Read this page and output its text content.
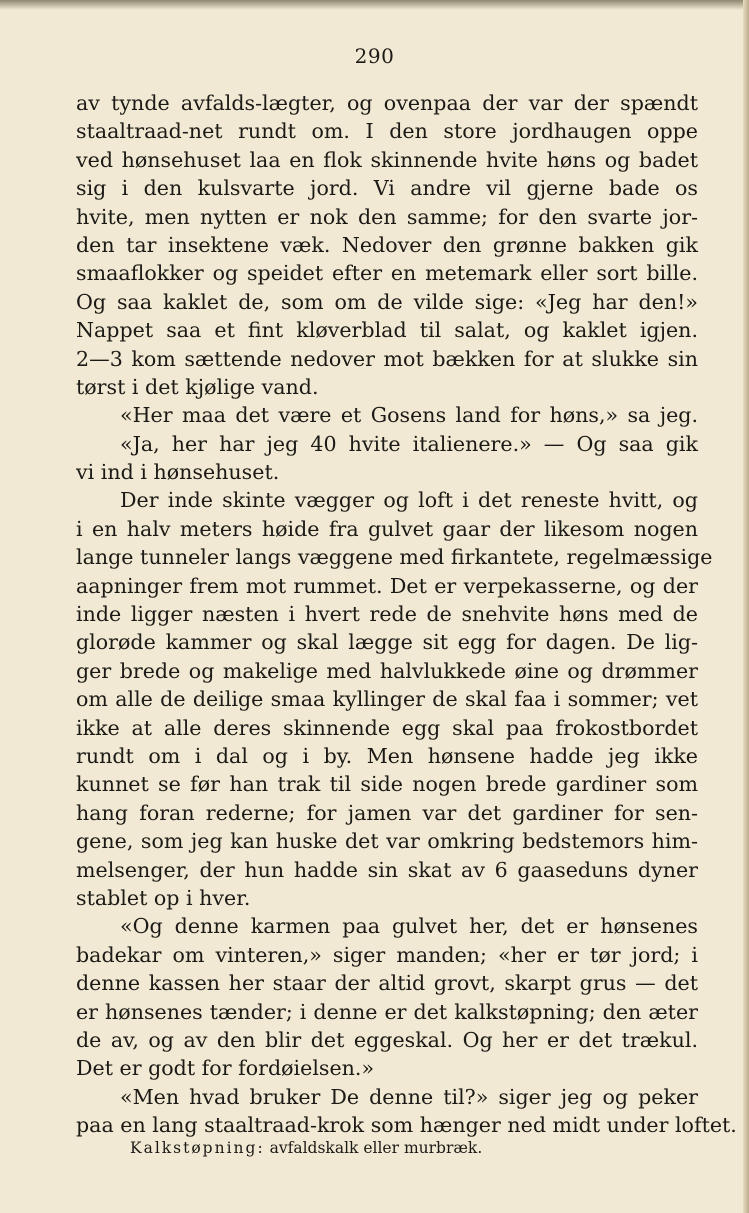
290
av tynde avfalds-lægter, og ovenpaa der var der spændt
staaltraad-net rundt om. I den store jordhaugen oppe
ved hønsehuset laa en flok skinnende hvite høns og badet
sig i den kulsvarte jord. Vi andre vil gjerne bade os
hvite, men nytten er nok den samme; for den svarte jor-
den tar insektene væk. Nedover den grønne bakken gik
smaaflokker og speidet efter en metemark eller sort bille.
Og saa kaklet de, som om de vilde sige: «Jeg har den!»
Nappet saa et fint kløverblad til salat, og kaklet igjen.
2—3 kom sættende nedover mot bækken for at slukke sin
tørst i det kjølige vand.
«Her maa det være et Gosens land for høns,» sa jeg.
«Ja, her har jeg 40 hvite italienere.» — Og saa gik
vi ind i hønsehuset.
Der inde skinte vægger og loft i det reneste hvitt, og
i en halv meters høide fra gulvet gaar der likesom nogen
lange tunneler langs væggene med firkantete, regelmæssige
aapninger frem mot rummet. Det er verpekasserne, og der
inde ligger næsten i hvert rede de snehvite høns med de
glorøde kammer og skal lægge sit egg for dagen. De lig-
ger brede og makelige med halvlukkede øine og drømmer
om alle de deilige smaa kyllinger de skal faa i sommer; vet
ikke at alle deres skinnende egg skal paa frokostbordet
rundt om i dal og i by. Men hønsene hadde jeg ikke
kunnet se før han trak til side nogen brede gardiner som
hang foran rederne; for jamen var det gardiner for sen-
gene, som jeg kan huske det var omkring bedstemors him-
melsenger, der hun hadde sin skat av 6 gaaseduns dyner
stablet op i hver.
«Og denne karmen paa gulvet her, det er hønsenes
badekar om vinteren,» siger manden; «her er tør jord; i
denne kassen her staar der altid grovt, skarpt grus — det
er hønsenes tænder; i denne er det kalkstøpning; den æter
de av, og av den blir det eggeskal. Og her er det trækul.
Det er godt for fordøielsen.»
«Men hvad bruker De denne til?» siger jeg og peker
paa en lang staaltraad-krok som hænger ned midt under loftet.
Kalkstøpning: avfaldskalk eller murbræk.
